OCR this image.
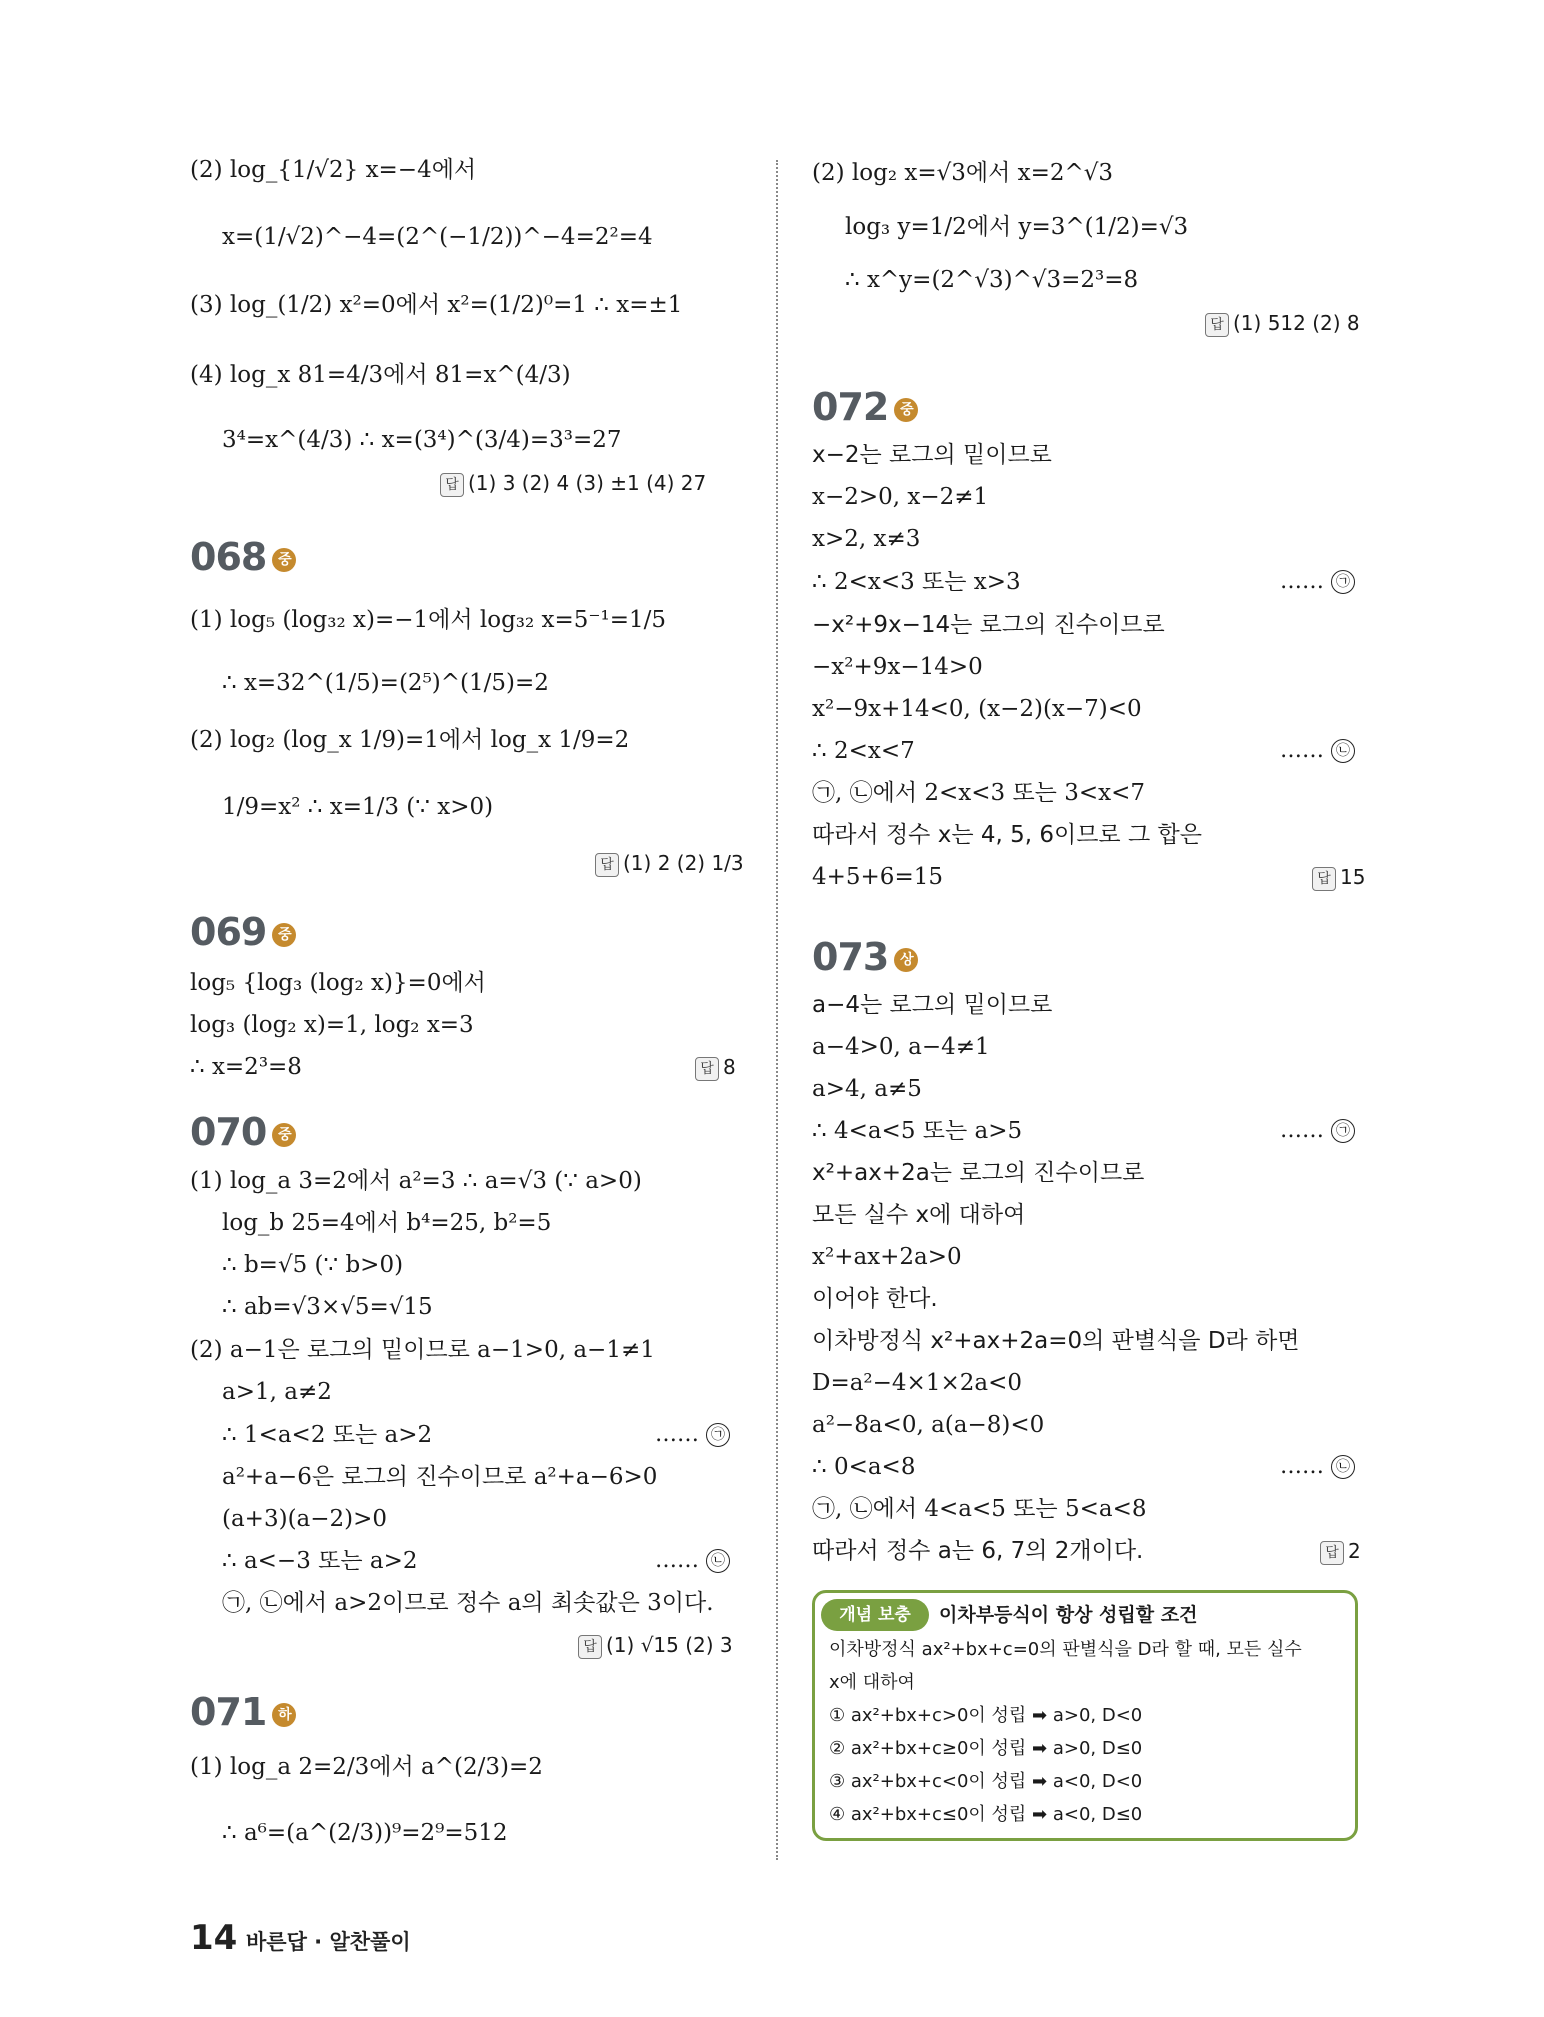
(2) log_{1/√2} x=−4에서
x=(1/√2)^−4=(2^(−1/2))^−4=2²=4
(3) log_(1/2) x²=0에서 x²=(1/2)⁰=1 ∴ x=±1
(4) log_x 81=4/3에서 81=x^(4/3)
3⁴=x^(4/3) ∴ x=(3⁴)^(3/4)=3³=27
답 (1) 3 (2) 4 (3) ±1 (4) 27
068 중
(1) log₅ (log₃₂ x)=−1에서 log₃₂ x=5⁻¹=1/5
∴ x=32^(1/5)=(2⁵)^(1/5)=2
(2) log₂ (log_x 1/9)=1에서 log_x 1/9=2
1/9=x² ∴ x=1/3 (∵ x>0)
답 (1) 2 (2) 1/3
069 중
log₅ {log₃ (log₂ x)}=0에서
log₃ (log₂ x)=1, log₂ x=3
∴ x=2³=8	답 8
070 중
(1) log_a 3=2에서 a²=3 ∴ a=√3 (∵ a>0)
log_b 25=4에서 b⁴=25, b²=5
∴ b=√5 (∵ b>0)
∴ ab=√3×√5=√15
(2) a−1은 로그의 밑이므로 a−1>0, a−1≠1
a>1, a≠2
∴ 1<a<2 또는 a>2	…… ㉠
a²+a−6은 로그의 진수이므로 a²+a−6>0
(a+3)(a−2)>0
∴ a<−3 또는 a>2	…… ㉡
㉠, ㉡에서 a>2이므로 정수 a의 최솟값은 3이다.
답 (1) √15 (2) 3
071 하
(1) log_a 2=2/3에서 a^(2/3)=2
∴ a⁶=(a^(2/3))⁹=2⁹=512
(2) log₂ x=√3에서 x=2^√3
log₃ y=1/2에서 y=3^(1/2)=√3
∴ x^y=(2^√3)^√3=2³=8
답 (1) 512 (2) 8
072 중
x−2는 로그의 밑이므로
x−2>0, x−2≠1
x>2, x≠3
∴ 2<x<3 또는 x>3	…… ㉠
−x²+9x−14는 로그의 진수이므로
−x²+9x−14>0
x²−9x+14<0, (x−2)(x−7)<0
∴ 2<x<7	…… ㉡
㉠, ㉡에서 2<x<3 또는 3<x<7
따라서 정수 x는 4, 5, 6이므로 그 합은
4+5+6=15	답 15
073 상
a−4는 로그의 밑이므로
a−4>0, a−4≠1
a>4, a≠5
∴ 4<a<5 또는 a>5	…… ㉠
x²+ax+2a는 로그의 진수이므로
모든 실수 x에 대하여
x²+ax+2a>0
이어야 한다.
이차방정식 x²+ax+2a=0의 판별식을 D라 하면
D=a²−4×1×2a<0
a²−8a<0, a(a−8)<0
∴ 0<a<8	…… ㉡
㉠, ㉡에서 4<a<5 또는 5<a<8
따라서 정수 a는 6, 7의 2개이다.	답 2
개념 보충	이차부등식이 항상 성립할 조건
이차방정식 ax²+bx+c=0의 판별식을 D라 할 때, 모든 실수
x에 대하여
① ax²+bx+c>0이 성립 ➡ a>0, D<0
② ax²+bx+c≥0이 성립 ➡ a>0, D≤0
③ ax²+bx+c<0이 성립 ➡ a<0, D<0
④ ax²+bx+c≤0이 성립 ➡ a<0, D≤0
14 바른답 · 알찬풀이
